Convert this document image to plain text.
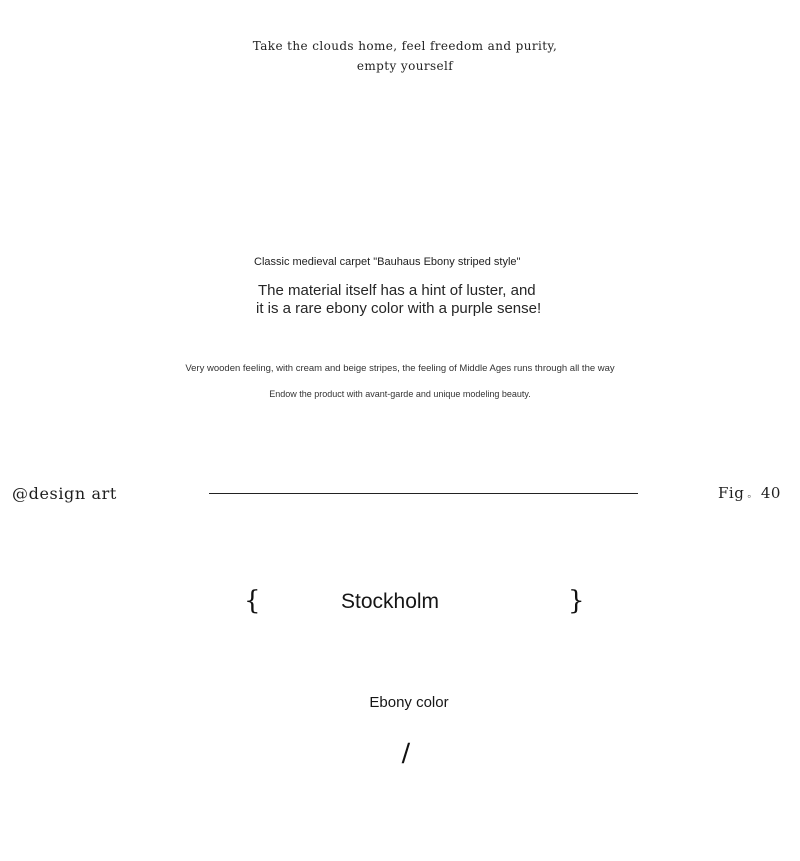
Take the clouds home, feel freedom and purity,
empty yourself
Classic medieval carpet "Bauhaus Ebony striped style"
The material itself has a hint of luster, and
it is a rare ebony color with a purple sense!
Very wooden feeling, with cream and beige stripes, the feeling of Middle Ages runs through all the way
Endow the product with avant-garde and unique modeling beauty.
@design art	Fig 。 40
{	Stockholm	}
Ebony color
/
